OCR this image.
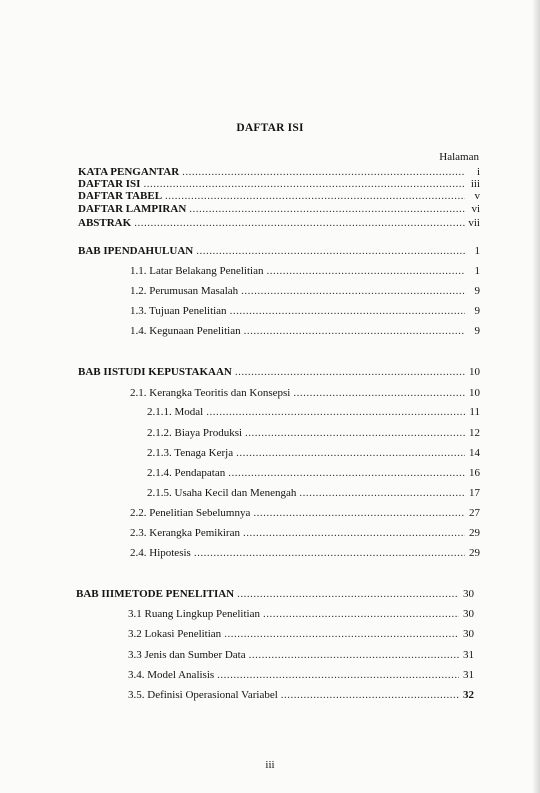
DAFTAR ISI
Halaman
KATA PENGANTAR .....	i
DAFTAR ISI .....	iii
DAFTAR TABEL .....	v
DAFTAR LAMPIRAN .....	vi
ABSTRAK .....	vii
BAB I PENDAHULUAN .....	1
1.1. Latar Belakang Penelitian .....	1
1.2. Perumusan Masalah .....	9
1.3. Tujuan Penelitian .....	9
1.4. Kegunaan Penelitian .....	9
BAB II STUDI KEPUSTAKAAN .....	10
2.1. Kerangka Teoritis dan Konsepsi .....	10
2.1.1. Modal .....	11
2.1.2. Biaya Produksi .....	12
2.1.3. Tenaga Kerja .....	14
2.1.4. Pendapatan .....	16
2.1.5. Usaha Kecil dan Menengah .....	17
2.2. Penelitian Sebelumnya .....	27
2.3. Kerangka Pemikiran .....	29
2.4. Hipotesis .....	29
BAB III METODE PENELITIAN .....	30
3.1 Ruang Lingkup Penelitian .....	30
3.2 Lokasi Penelitian .....	30
3.3 Jenis dan Sumber Data .....	31
3.4. Model Analisis .....	31
3.5. Definisi Operasional Variabel .....	32
iii
